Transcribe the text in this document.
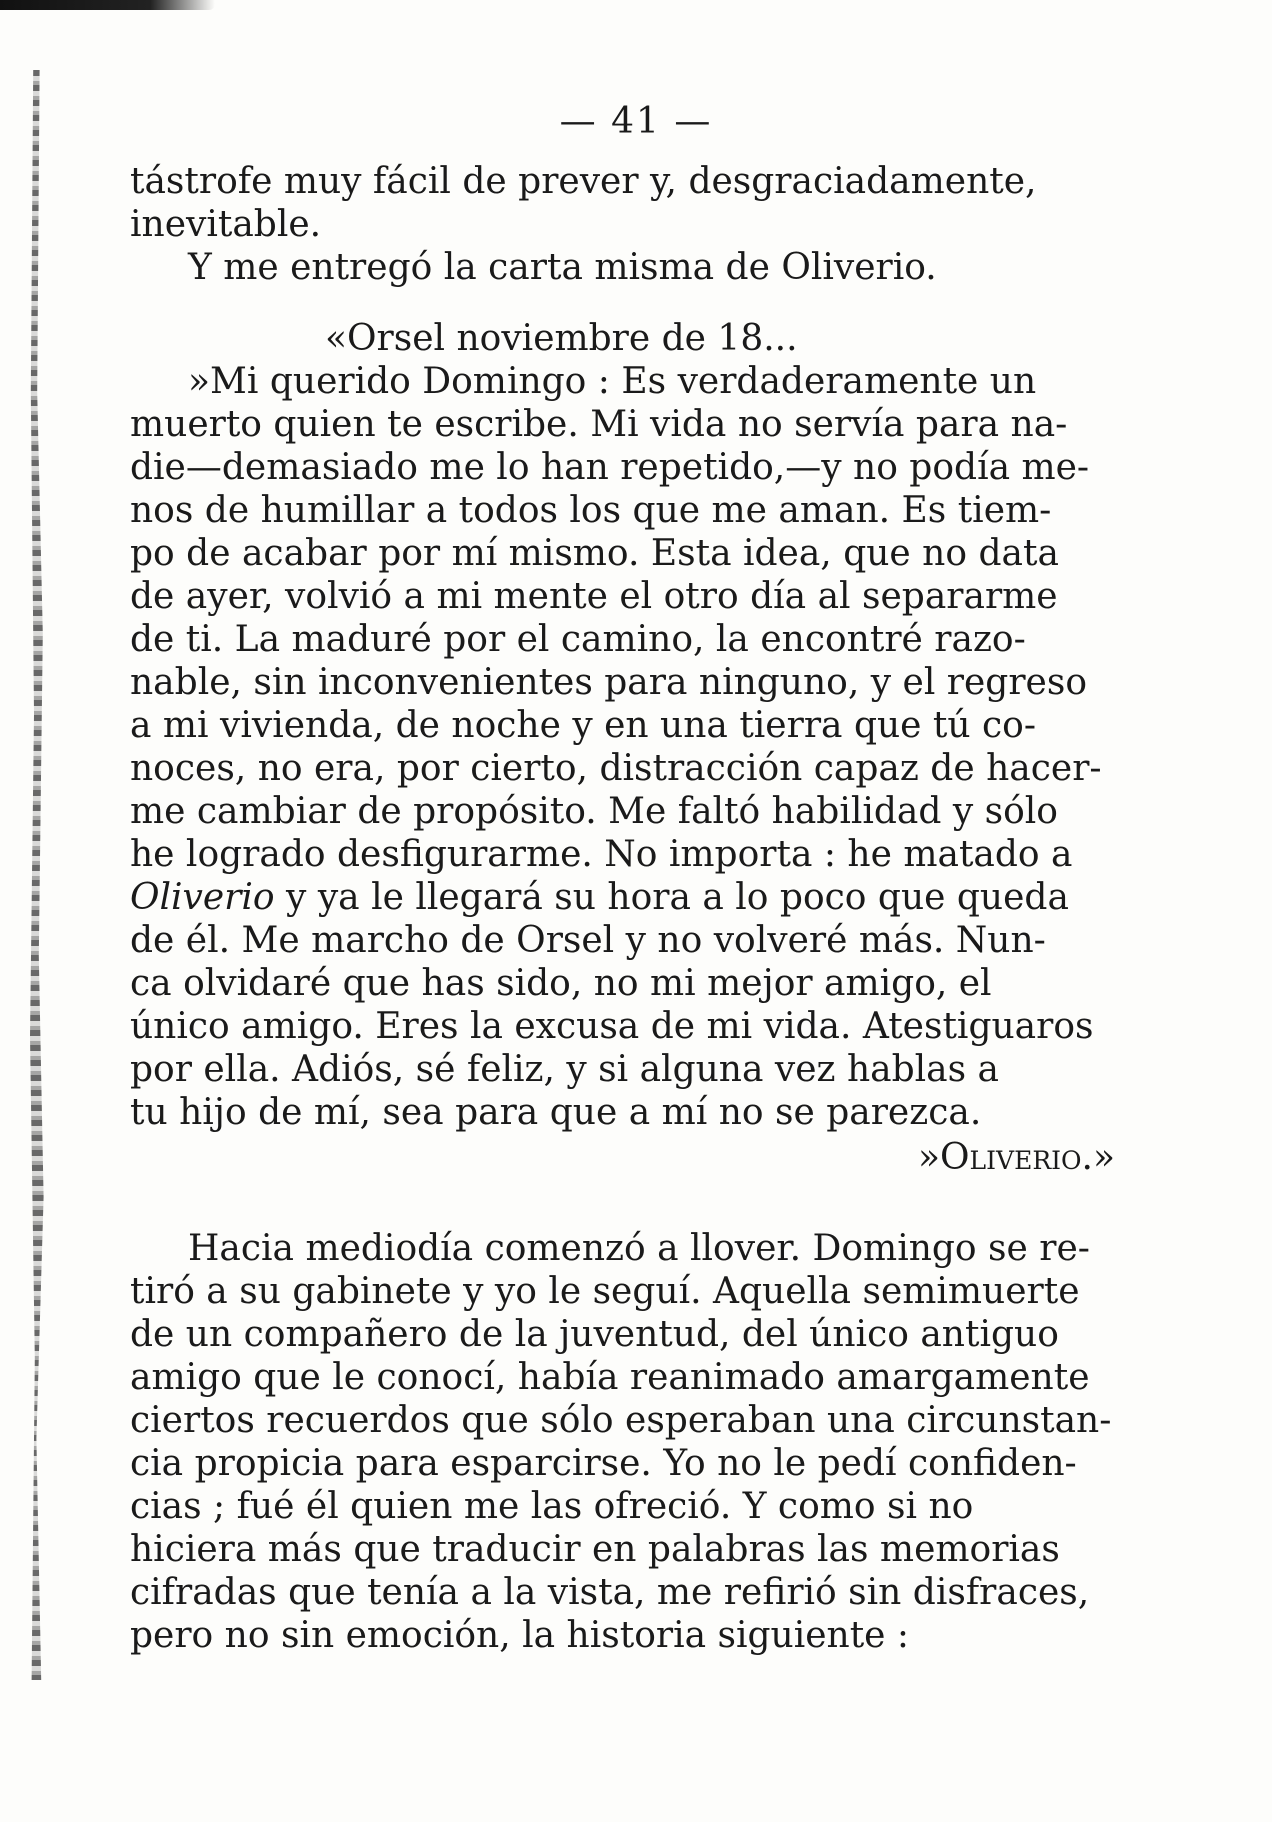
— 41 —

tástrofe muy fácil de prever y, desgraciadamente,
inevitable.

Y me entregó la carta misma de Oliverio.

«Orsel noviembre de 18...

»Mi querido Domingo : Es verdaderamente un
muerto quien te escribe. Mi vida no servía para na-
die—demasiado me lo han repetido,—y no podía me-
nos de humillar a todos los que me aman. Es tiem-
po de acabar por mí mismo. Esta idea, que no data
de ayer, volvió a mi mente el otro día al separarme
de ti. La maduré por el camino, la encontré razo-
nable, sin inconvenientes para ninguno, y el regreso
a mi vivienda, de noche y en una tierra que tú co-
noces, no era, por cierto, distracción capaz de hacer-
me cambiar de propósito. Me faltó habilidad y sólo
he logrado desfigurarme. No importa : he matado a
Oliverio y ya le llegará su hora a lo poco que queda
de él. Me marcho de Orsel y no volveré más. Nun-
ca olvidaré que has sido, no mi mejor amigo, el
único amigo. Eres la excusa de mi vida. Atestiguaros
por ella. Adiós, sé feliz, y si alguna vez hablas a
tu hijo de mí, sea para que a mí no se parezca.

»Oliverio.»

Hacia mediodía comenzó a llover. Domingo se re-
tiró a su gabinete y yo le seguí. Aquella semimuerte
de un compañero de la juventud, del único antiguo
amigo que le conocí, había reanimado amargamente
ciertos recuerdos que sólo esperaban una circunstan-
cia propicia para esparcirse. Yo no le pedí confiden-
cias ; fué él quien me las ofreció. Y como si no
hiciera más que traducir en palabras las memorias
cifradas que tenía a la vista, me refirió sin disfraces,
pero no sin emoción, la historia siguiente :
